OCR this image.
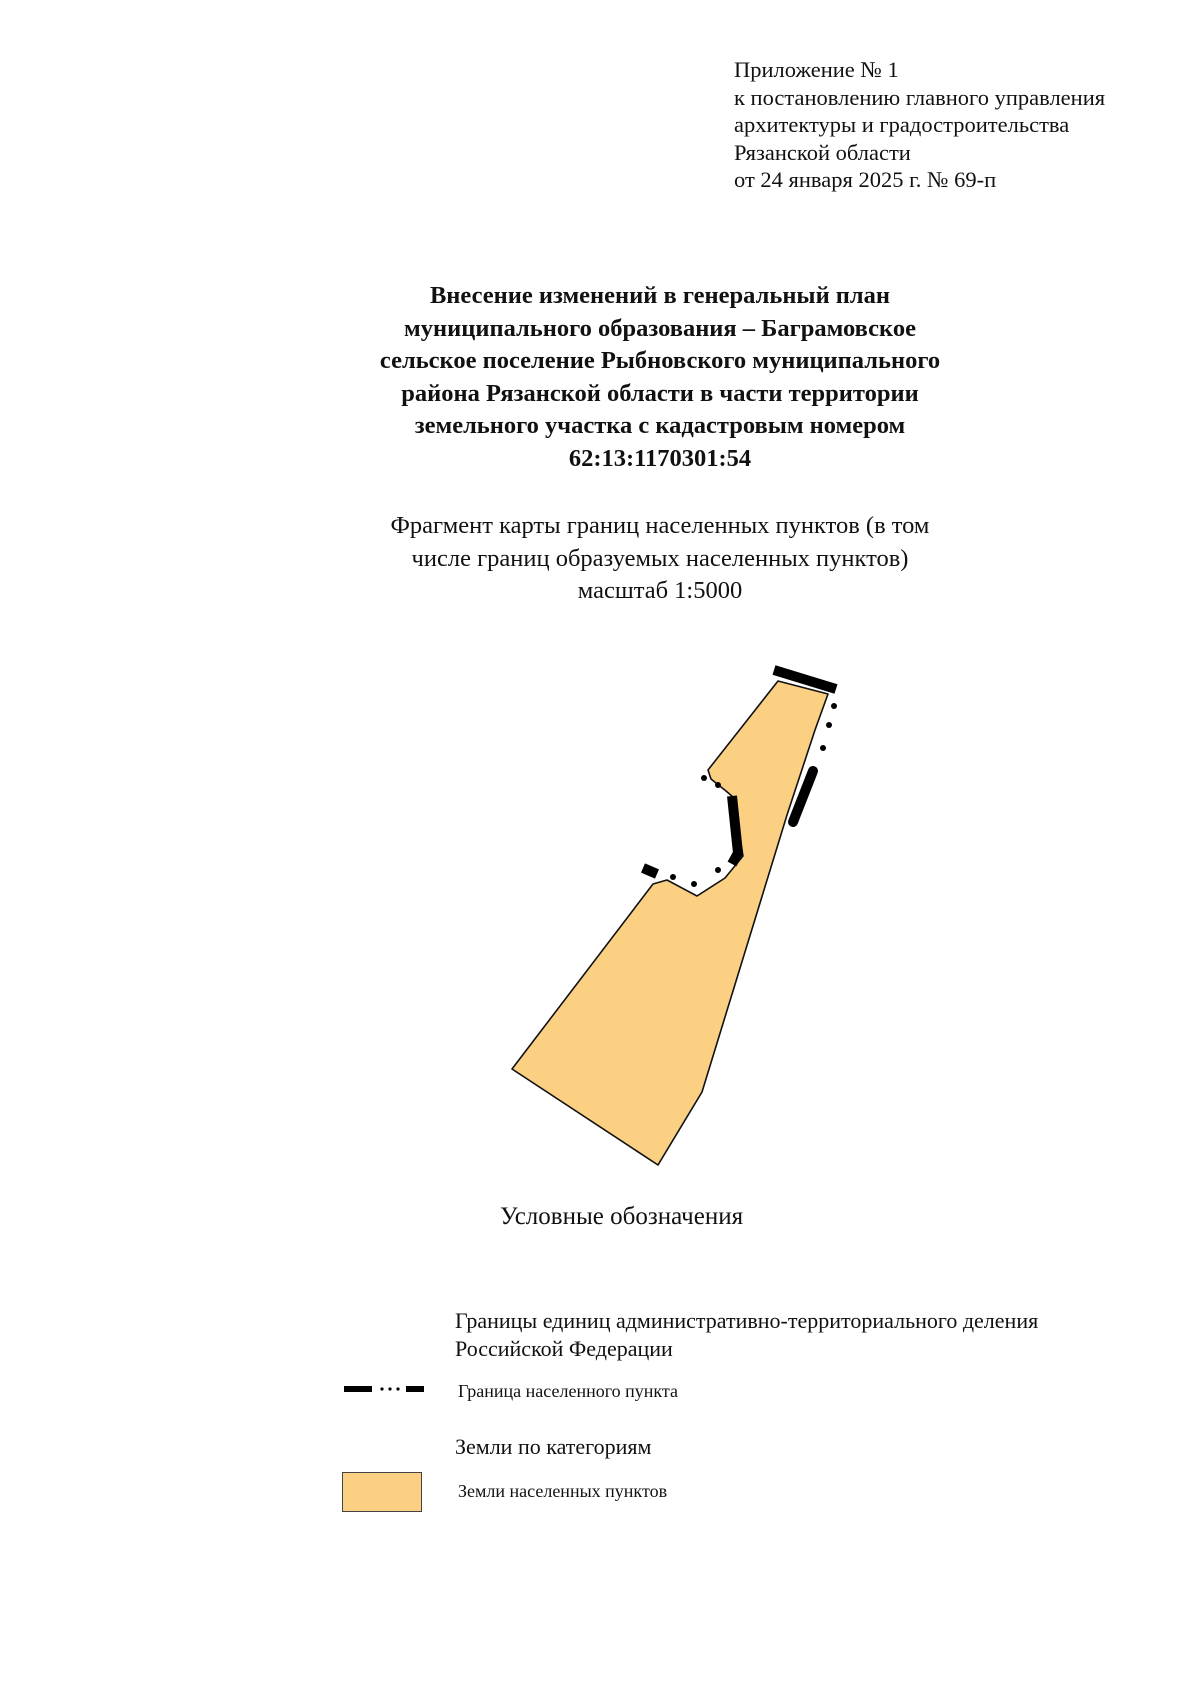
Приложение № 1
к постановлению главного управления
архитектуры и градостроительства
Рязанской области
от 24 января 2025 г. № 69-п
Внесение изменений в генеральный план
муниципального образования – Баграмовское
сельское поселение Рыбновского муниципального
района Рязанской области в части территории
земельного участка с кадастровым номером
62:13:1170301:54
Фрагмент карты границ населенных пунктов (в том
числе границ образуемых населенных пунктов)
масштаб 1:5000
Условные обозначения
Границы единиц административно-территориального деления
Российской Федерации
Граница населенного пункта
Земли по категориям
Земли населенных пунктов
